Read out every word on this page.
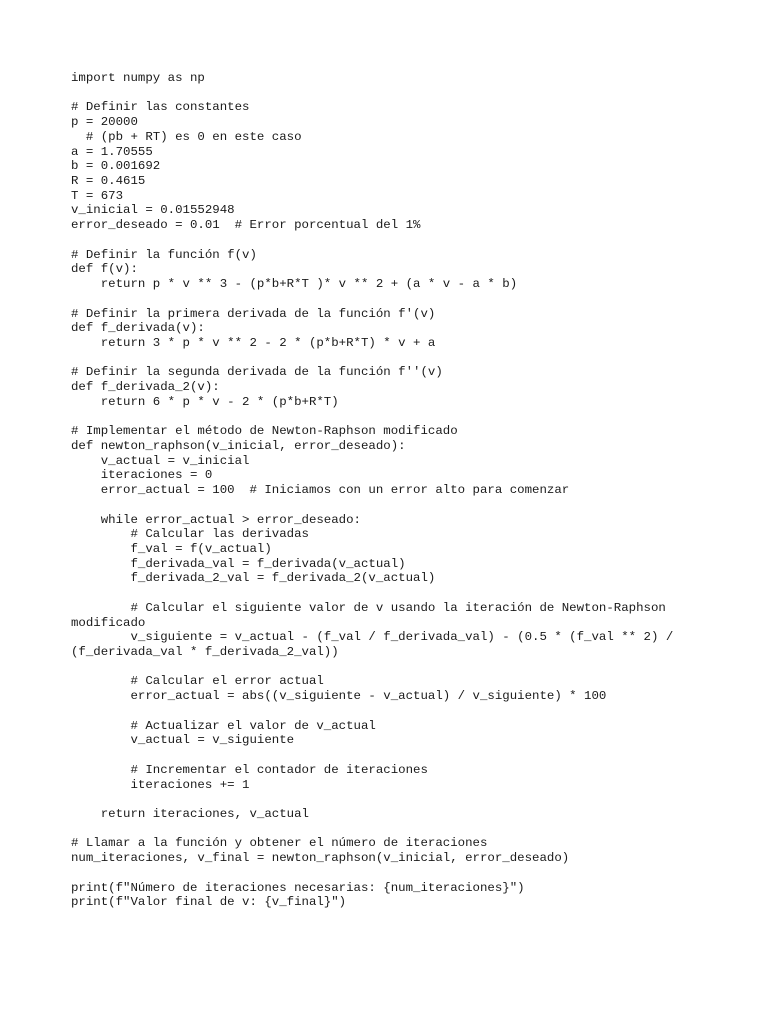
import numpy as np
# Definir las constantes
p = 20000
# (pb + RT) es 0 en este caso
a = 1.70555
b = 0.001692
R = 0.4615
T = 673
v_inicial = 0.01552948
error_deseado = 0.01  # Error porcentual del 1%
# Definir la función f(v)
def f(v):
return p * v ** 3 - (p*b+R*T )* v ** 2 + (a * v - a * b)
# Definir la primera derivada de la función f'(v)
def f_derivada(v):
return 3 * p * v ** 2 - 2 * (p*b+R*T) * v + a
# Definir la segunda derivada de la función f''(v)
def f_derivada_2(v):
return 6 * p * v - 2 * (p*b+R*T)
# Implementar el método de Newton-Raphson modificado
def newton_raphson(v_inicial, error_deseado):
v_actual = v_inicial
iteraciones = 0
error_actual = 100  # Iniciamos con un error alto para comenzar
while error_actual > error_deseado:
# Calcular las derivadas
f_val = f(v_actual)
f_derivada_val = f_derivada(v_actual)
f_derivada_2_val = f_derivada_2(v_actual)
# Calcular el siguiente valor de v usando la iteración de Newton-Raphson
modificado
v_siguiente = v_actual - (f_val / f_derivada_val) - (0.5 * (f_val ** 2) /
(f_derivada_val * f_derivada_2_val))
# Calcular el error actual
error_actual = abs((v_siguiente - v_actual) / v_siguiente) * 100
# Actualizar el valor de v_actual
v_actual = v_siguiente
# Incrementar el contador de iteraciones
iteraciones += 1
return iteraciones, v_actual
# Llamar a la función y obtener el número de iteraciones
num_iteraciones, v_final = newton_raphson(v_inicial, error_deseado)
print(f"Número de iteraciones necesarias: {num_iteraciones}")
print(f"Valor final de v: {v_final}")
